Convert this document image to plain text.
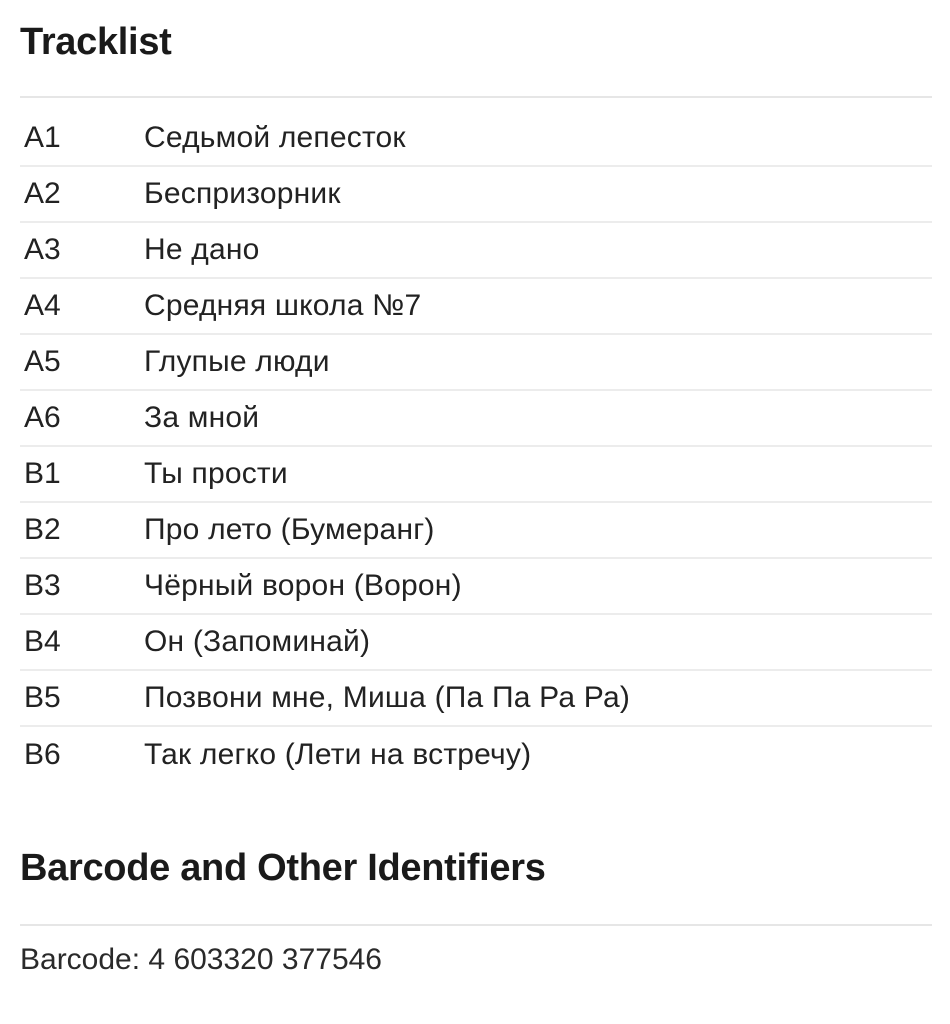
Tracklist
A1	Седьмой лепесток
A2	Беспризорник
A3	Не дано
A4	Средняя школа №7
A5	Глупые люди
A6	За мной
B1	Ты прости
B2	Про лето (Бумеранг)
B3	Чёрный ворон (Ворон)
B4	Он (Запоминай)
B5	Позвони мне, Миша (Па Па Ра Ра)
B6	Так легко (Лети на встречу)
Barcode and Other Identifiers
Barcode: 4 603320 377546
